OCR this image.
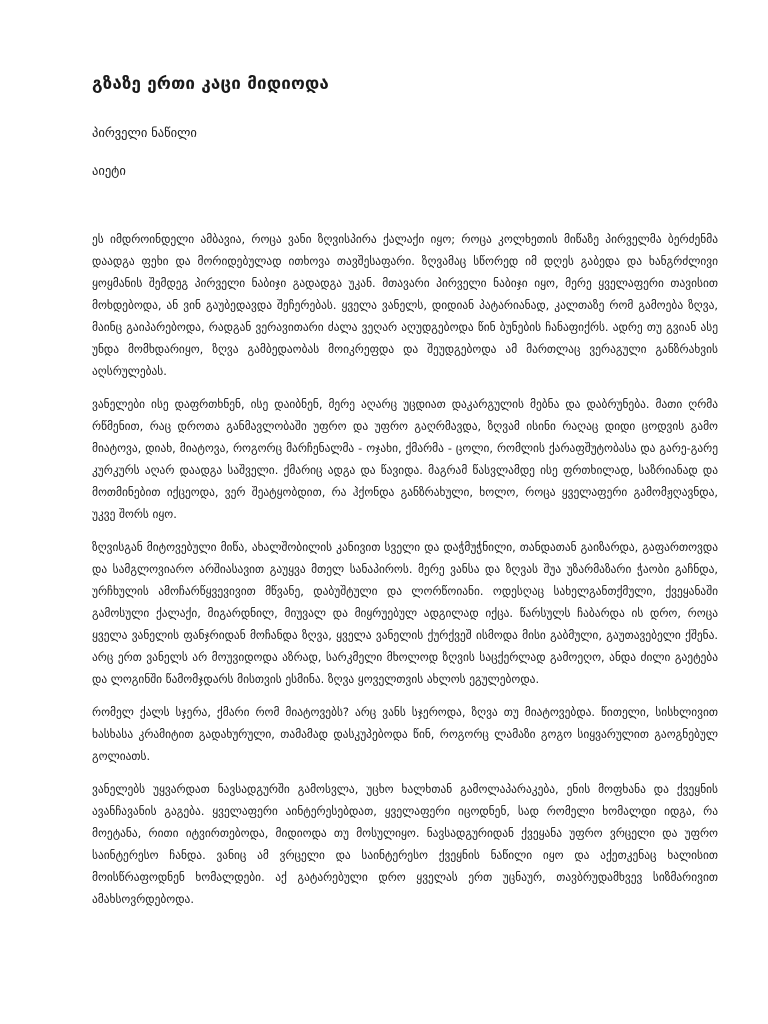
გზაზე ერთი კაცი მიდიოდა
პირველი ნაწილი
აიეტი

ეს იმდროინდელი ამბავია, როცა ვანი ზღვისპირა ქალაქი იყო; როცა კოლხეთის მიწაზე პირველმა ბერძენმა დაადგა ფეხი და მორიდებულად ითხოვა თავშესაფარი. ზღვამაც სწორედ იმ დღეს გაბედა და ხანგრძლივი ყოყმანის შემდეგ პირველი ნაბიჯი გადადგა უკან. მთავარი პირველი ნაბიჯი იყო, მერე ყველაფერი თავისით მოხდებოდა, ან ვინ გაუბედავდა შეჩერებას. ყველა ვანელს, დიდიან პატარიანად, კალთაზე რომ გამოება ზღვა, მაინც გაიპარებოდა, რადგან ვერავითარი ძალა ვეღარ აღუდგებოდა წინ ბუნების ჩანაფიქრს. ადრე თუ გვიან ასე უნდა მომხდარიყო, ზღვა გამბედაობას მოიკრეფდა და შეუდგებოდა ამ მართლაც ვერაგული განზრახვის აღსრულებას.

ვანელები ისე დაფრთხნენ, ისე დაიბნენ, მერე აღარც უცდიათ დაკარგულის მებნა და დაბრუნება. მათი ღრმა რწმენით, რაც დროთა განმავლობაში უფრო და უფრო გაღრმავდა, ზღვამ ისინი რაღაც დიდი ცოდვის გამო მიატოვა, დიახ, მიატოვა, როგორც მარჩენალმა - ოჯახი, ქმარმა - ცოლი, რომლის ქარაფშუტობასა და გარე-გარე კურკურს აღარ დაადგა საშველი. ქმარიც ადგა და წავიდა. მაგრამ წასვლამდე ისე ფრთხილად, საზრიანად და მოთმინებით იქცეოდა, ვერ შეატყობდით, რა ჰქონდა განზრახული, ხოლო, როცა ყველაფერი გამომჟღავნდა, უკვე შორს იყო.

ზღვისგან მიტოვებული მიწა, ახალშობილის კანივით სველი და დაჭმუჭნილი, თანდათან გაიზარდა, გაფართოვდა და სამგლოვიარო არშიასავით გაუყვა მთელ სანაპიროს. მერე ვანსა და ზღვას შუა უზარმაზარი ჭაობი გაჩნდა, ურჩხულის ამოჩარწყვევივით მწვანე, დაბუშტული და ლორწოიანი. ოდესღაც სახელგანთქმული, ქვეყანაში გამოსული ქალაქი, მიგარდნილ, მიუვალ და მიყრუებულ ადგილად იქცა. წარსულს ჩაბარდა ის დრო, როცა ყველა ვანელის ფანჯრიდან მოჩანდა ზღვა, ყველა ვანელის ქურქვეშ ისმოდა მისი გაბმული, გაუთავებელი ქშენა. არც ერთ ვანელს არ მოუვიდოდა აზრად, სარკმელი მხოლოდ ზღვის საცქერლად გამოეღო, ანდა ძილი გაეტება და ლოგინში წამომჯდარს მისთვის ესმინა. ზღვა ყოველთვის ახლოს ეგულებოდა.

რომელ ქალს სჯერა, ქმარი რომ მიატოვებს? არც ვანს სჯეროდა, ზღვა თუ მიატოვებდა. წითელი, სისხლივით ხასხასა კრამიტით გადახურული, თამამად დასკუპებოდა წინ, როგორც ლამაზი გოგო სიყვარულით გაოგნებულ გოლიათს.

ვანელებს უყვარდათ ნავსადგურში გამოსვლა, უცხო ხალხთან გამოლაპარაკება, ენის მოფხანა და ქვეყნის ავანჩავანის გაგება. ყველაფერი აინტერესებდათ, ყველაფერი იცოდნენ, სად რომელი ხომალდი იდგა, რა მოეტანა, რითი იტვირთებოდა, მიდიოდა თუ მოსულიყო. ნავსადგურიდან ქვეყანა უფრო ვრცელი და უფრო საინტერესო ჩანდა. ვანიც ამ ვრცელი და საინტერესო ქვეყნის ნაწილი იყო და აქეთკენაც ხალისით მოისწრაფოდნენ ხომალდები. აქ გატარებული დრო ყველას ერთ უცნაურ, თავბრუდამხვევ სიზმარივით ამახსოვრდებოდა.
